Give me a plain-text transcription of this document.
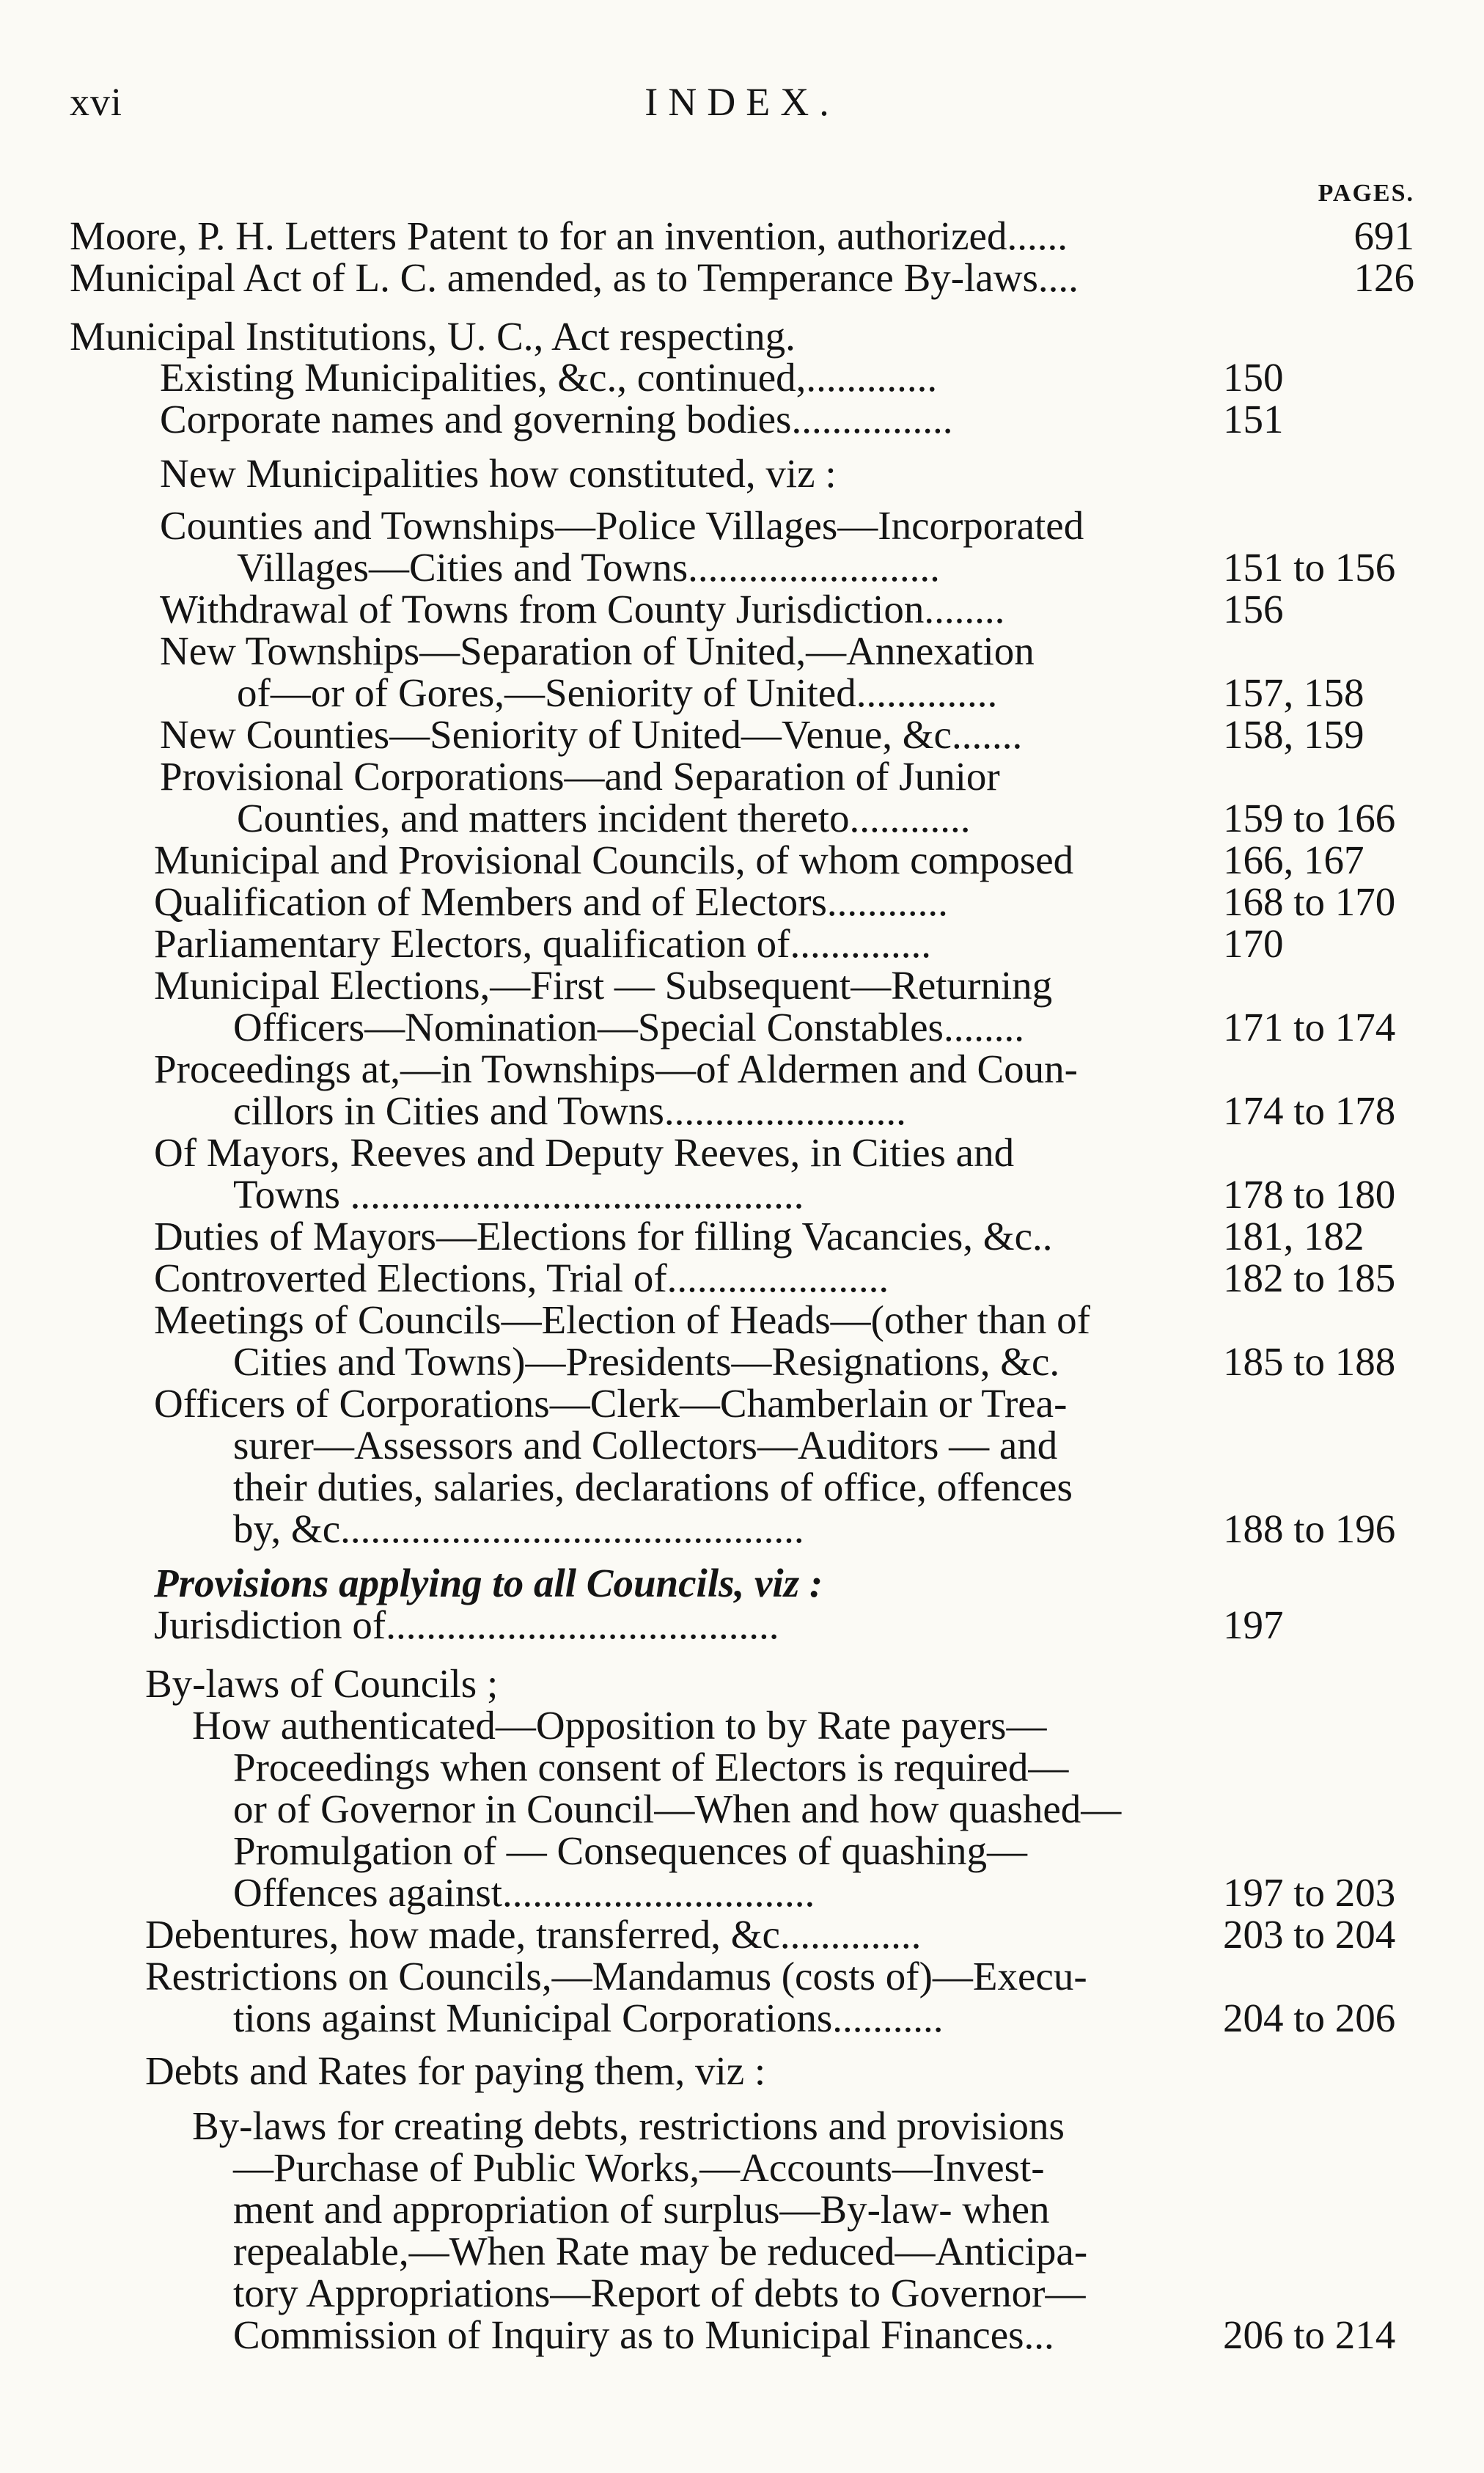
xvi	INDEX.
PAGES.
Moore, P. H. Letters Patent to for an invention, authorized......	691
Municipal Act of L. C. amended, as to Temperance By-laws....	126
Municipal Institutions, U. C., Act respecting.
Existing Municipalities, &c., continued,.............	150
Corporate names and governing bodies................	151
New Municipalities how constituted, viz :
Counties and Townships—Police Villages—Incorporated
Villages—Cities and Towns.........................	151 to 156
Withdrawal of Towns from County Jurisdiction........	156
New Townships—Separation of United,—Annexation
of—or of Gores,—Seniority of United..............	157, 158
New Counties—Seniority of United—Venue, &c.......	158, 159
Provisional Corporations—and Separation of Junior
Counties, and matters incident thereto............	159 to 166
Municipal and Provisional Councils, of whom composed	166, 167
Qualification of Members and of Electors............	168 to 170
Parliamentary Electors, qualification of..............	170
Municipal Elections,—First — Subsequent—Returning
Officers—Nomination—Special Constables........	171 to 174
Proceedings at,—in Townships—of Aldermen and Coun-
cillors in Cities and Towns........................	174 to 178
Of Mayors, Reeves and Deputy Reeves, in Cities and
Towns .............................................	178 to 180
Duties of Mayors—Elections for filling Vacancies, &c..	181, 182
Controverted Elections, Trial of......................	182 to 185
Meetings of Councils—Election of Heads—(other than of
Cities and Towns)—Presidents—Resignations, &c.	185 to 188
Officers of Corporations—Clerk—Chamberlain or Trea-
surer—Assessors and Collectors—Auditors — and
their duties, salaries, declarations of office, offences
by, &c..............................................	188 to 196
Provisions applying to all Councils, viz :
Jurisdiction of.......................................	197
By-laws of Councils ;
How authenticated—Opposition to by Rate payers—
Proceedings when consent of Electors is required—
or of Governor in Council—When and how quashed—
Promulgation of — Consequences of quashing—
Offences against...............................	197 to 203
Debentures, how made, transferred, &c..............	203 to 204
Restrictions on Councils,—Mandamus (costs of)—Execu-
tions against Municipal Corporations...........	204 to 206
Debts and Rates for paying them, viz :
By-laws for creating debts, restrictions and provisions
—Purchase of Public Works,—Accounts—Invest-
ment and appropriation of surplus—By-law- when
repealable,—When Rate may be reduced—Anticipa-
tory Appropriations—Report of debts to Governor—
Commission of Inquiry as to Municipal Finances...	206 to 214
